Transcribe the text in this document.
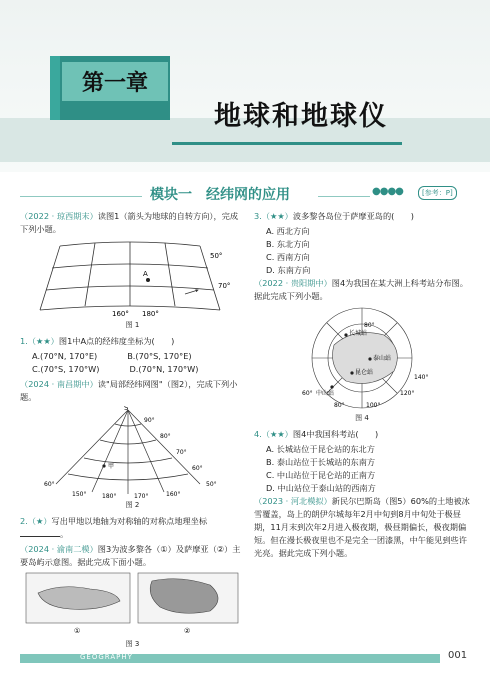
第一章
地球和地球仪
模块一　经纬网的应用	●●●●	[参考：P]

（2022 · 琼西期末）读图1（箭头为地球的自转方向），完成下列小题。

A
50°
70°
160° 180°
图 1

1.（★★）图1中A点的经纬度坐标为(　　)

A.(70°N, 170°E)	B.(70°S, 170°E)
C.(70°S, 170°W)	D.(70°N, 170°W)

（2024 · 南昌期中）读"局部经纬网图"（图2），完成下列小题。

S
90°
80°
70°
60°
50°
60°
150°	180°	170°	160°
甲
图 2

2.（★）写出甲地以地轴为对称轴的对称点地理坐标。

（2024 · 渝南二模）图3为波多黎各（①）及萨摩亚（②）主要岛屿示意图。据此完成下面小题。

①	②
图 3

3.（★★）波多黎各岛位于萨摩亚岛的(　　)

A. 西北方向
B. 东北方向
C. 西南方向
D. 东南方向

（2022 · 贵阳期中）图4为我国在某大洲上科考站分布图。据此完成下列小题。

长城站
泰山站
昆仑站
中山站
60°
80°	100°
120°
140°
80°
图 4

4.（★★）图4中我国科考站(　　)

A. 长城站位于昆仑站的东北方
B. 泰山站位于长城站的东南方
C. 中山站位于昆仑站的正南方
D. 中山站位于泰山站的西南方

（2023 · 河北模拟）新民尔巴斯岛（图5）60%的土地被冰雪覆盖，岛上的朗伊尔城每年2月中旬到8月中旬处于极昼期，11月末到次年2月进入极夜期，极昼期偏长，极夜期偏短。但在漫长极夜里也不是完全一团漆黑，中午能见到些许光亮。据此完成下列小题。

GEOGRAPHY	001
